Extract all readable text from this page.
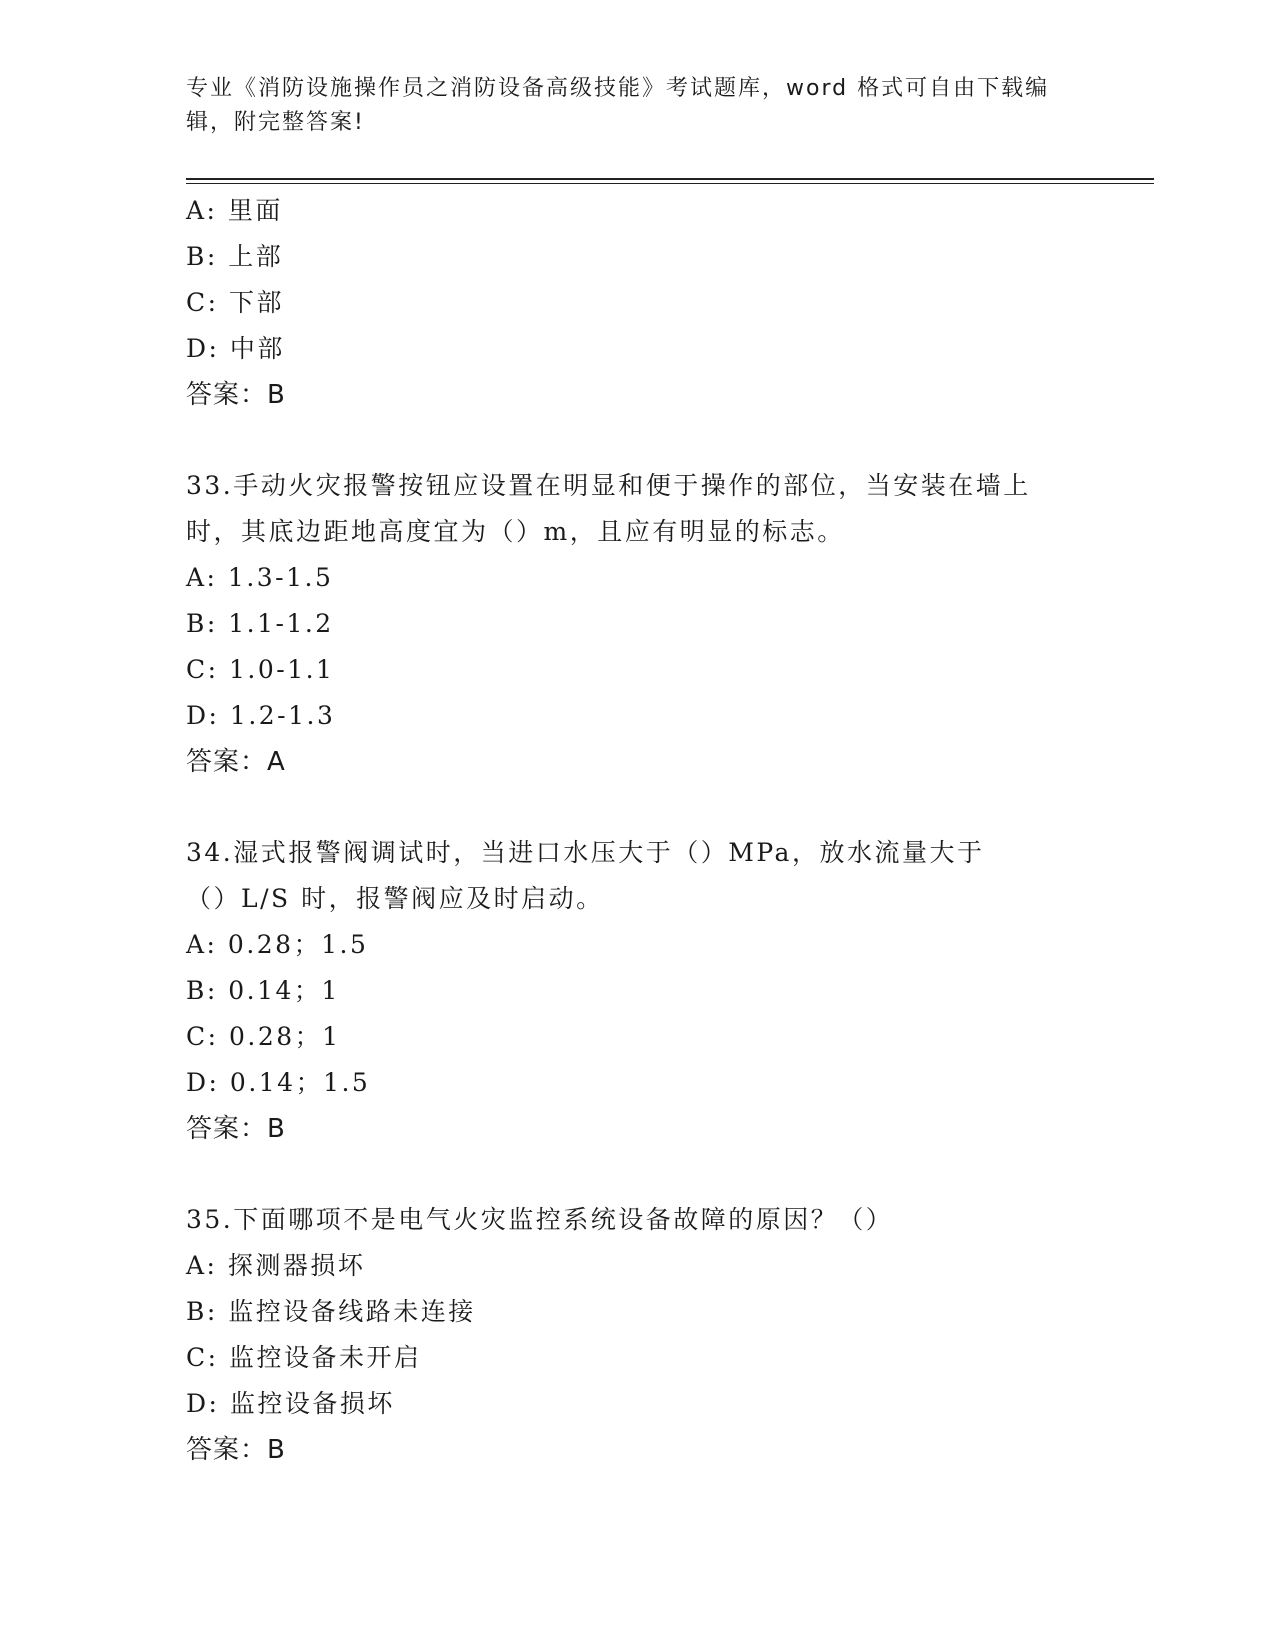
专业《消防设施操作员之消防设备高级技能》考试题库，word 格式可自由下载编辑，附完整答案!
A: 里面
B: 上部
C: 下部
D: 中部
答案：B
33.手动火灾报警按钮应设置在明显和便于操作的部位，当安装在墙上时，其底边距地高度宜为（）m，且应有明显的标志。
A: 1.3-1.5
B: 1.1-1.2
C: 1.0-1.1
D: 1.2-1.3
答案：A
34.湿式报警阀调试时，当进口水压大于（）MPa，放水流量大于（）L/S 时，报警阀应及时启动。
A: 0.28；1.5
B: 0.14；1
C: 0.28；1
D: 0.14；1.5
答案：B
35.下面哪项不是电气火灾监控系统设备故障的原因？（）
A: 探测器损坏
B: 监控设备线路未连接
C: 监控设备未开启
D: 监控设备损坏
答案：B
